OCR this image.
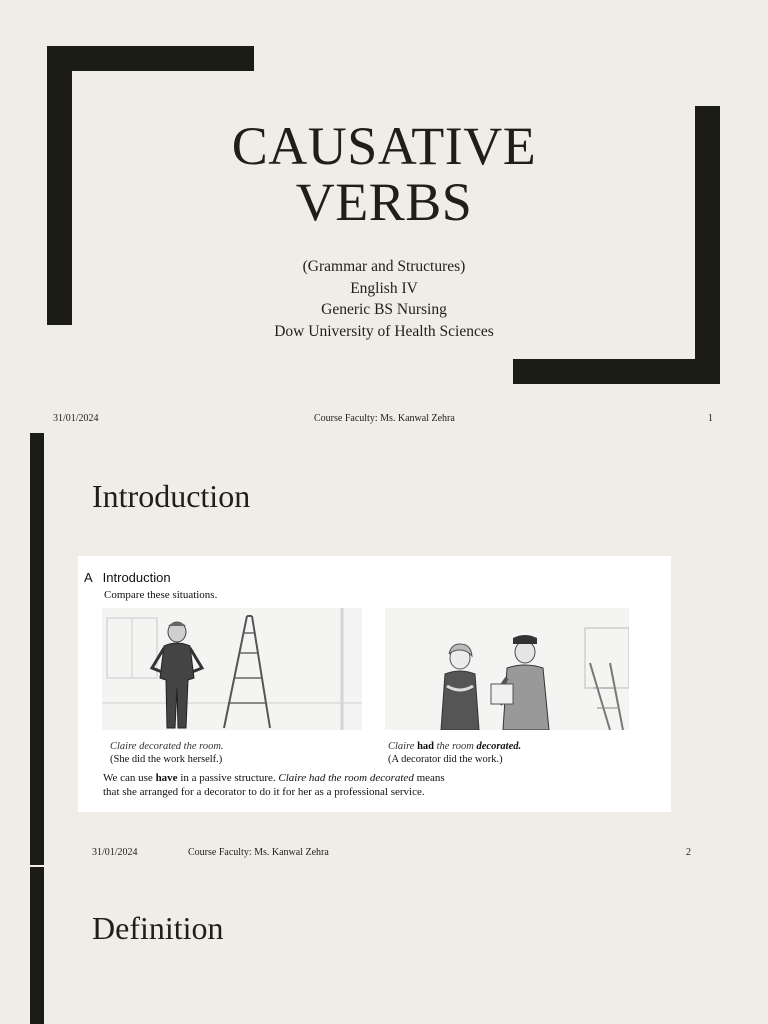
CAUSATIVE
VERBS
(Grammar and Structures)
English IV
Generic BS Nursing
Dow University of Health Sciences
31/01/2024	Course Faculty: Ms. Kanwal Zehra	1
Introduction
A Introduction
Compare these situations.
Claire decorated the room.
(She did the work herself.)
Claire had the room decorated.
(A decorator did the work.)
We can use have in a passive structure. Claire had the room decorated means
that she arranged for a decorator to do it for her as a professional service.
31/01/2024	Course Faculty: Ms. Kanwal Zehra	2
Definition
